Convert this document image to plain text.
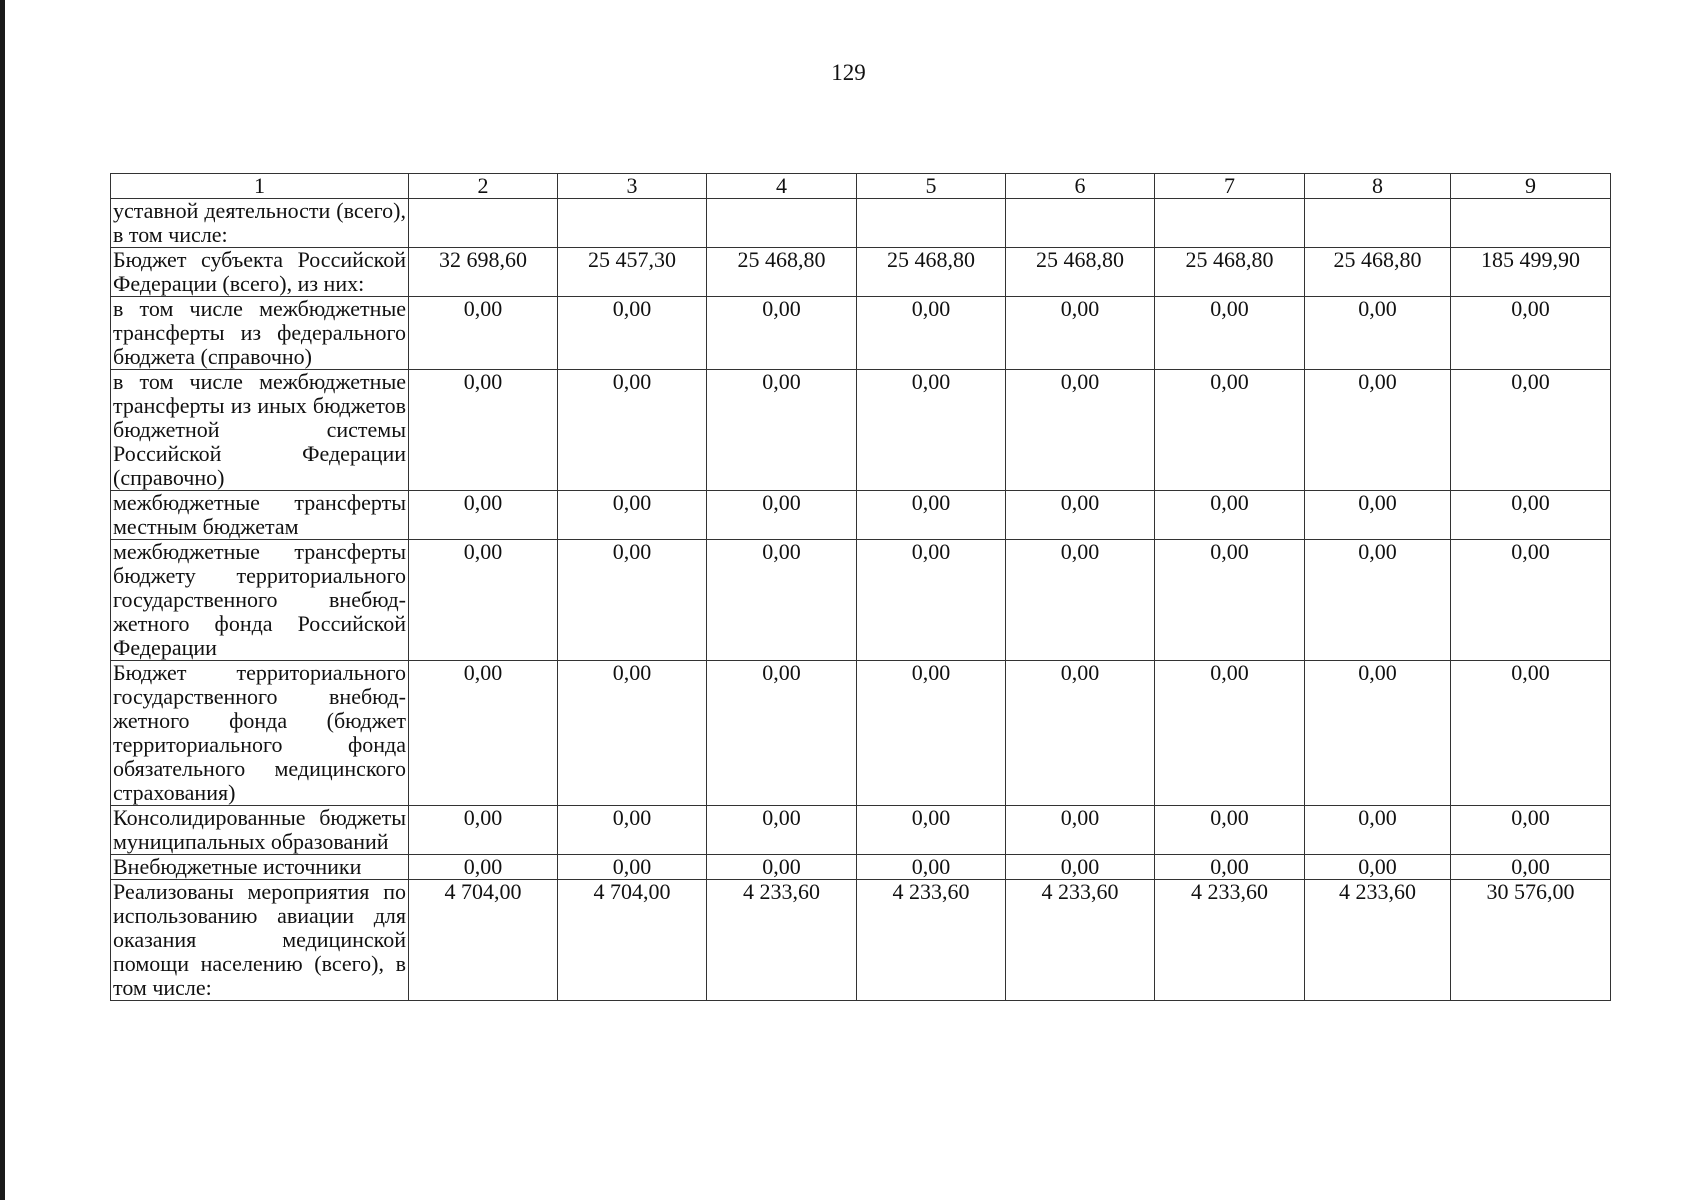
129
1	2	3	4	5	6	7	8	9
уставной деятельности (всего), в том числе:								
Бюджет субъекта Российской Федерации (всего), из них:	32 698,60	25 457,30	25 468,80	25 468,80	25 468,80	25 468,80	25 468,80	185 499,90
в том числе межбюджетные трансферты из федерального бюджета (справочно)	0,00	0,00	0,00	0,00	0,00	0,00	0,00	0,00
в том числе межбюджетные трансферты из иных бюджетов бюджетной системы Российской Федерации (справочно)	0,00	0,00	0,00	0,00	0,00	0,00	0,00	0,00
межбюджетные трансферты местным бюджетам	0,00	0,00	0,00	0,00	0,00	0,00	0,00	0,00
межбюджетные трансферты бюджету территориального государственного внебюджетного фонда Российской Федерации	0,00	0,00	0,00	0,00	0,00	0,00	0,00	0,00
Бюджет территориального государственного внебюджетного фонда (бюджет территориального фонда обязательного медицинского страхования)	0,00	0,00	0,00	0,00	0,00	0,00	0,00	0,00
Консолидированные бюджеты муниципальных образований	0,00	0,00	0,00	0,00	0,00	0,00	0,00	0,00
Внебюджетные источники	0,00	0,00	0,00	0,00	0,00	0,00	0,00	0,00
Реализованы мероприятия по использованию авиации для оказания медицинской помощи населению (всего), в том числе:	4 704,00	4 704,00	4 233,60	4 233,60	4 233,60	4 233,60	4 233,60	30 576,00
